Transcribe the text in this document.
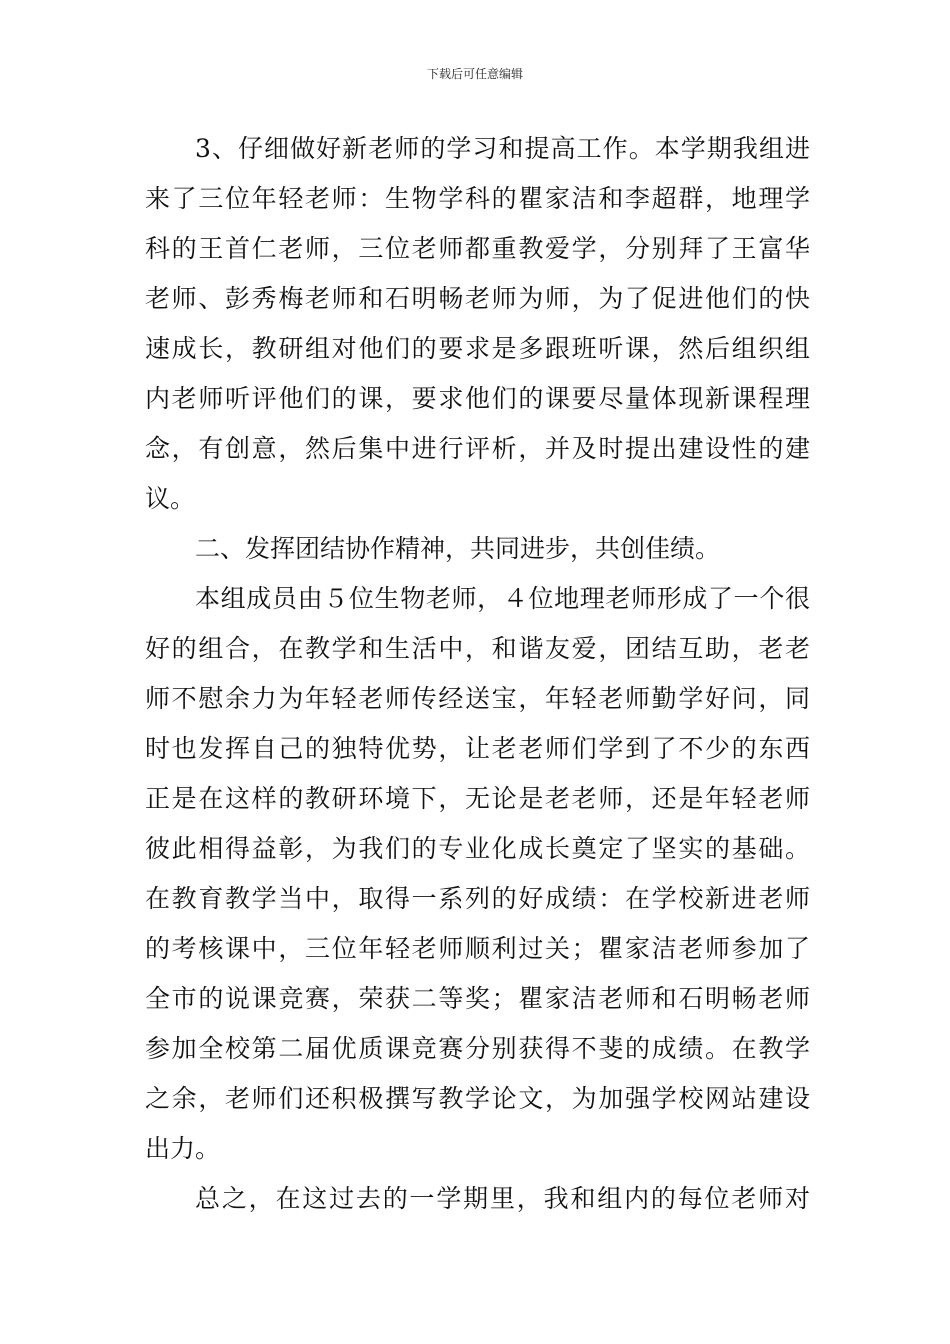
下载后可任意编辑
3、仔细做好新老师的学习和提高工作。本学期我组进
来了三位年轻老师：生物学科的瞿家洁和李超群，地理学
科的王首仁老师，三位老师都重教爱学，分别拜了王富华
老师、彭秀梅老师和石明畅老师为师，为了促进他们的快
速成长，教研组对他们的要求是多跟班听课，然后组织组
内老师听评他们的课，要求他们的课要尽量体现新课程理
念，有创意，然后集中进行评析，并及时提出建设性的建
议。
二、发挥团结协作精神，共同进步，共创佳绩。
本组成员由５位生物老师，４位地理老师形成了一个很
好的组合，在教学和生活中，和谐友爱，团结互助，老老
师不慰余力为年轻老师传经送宝，年轻老师勤学好问，同
时也发挥自己的独特优势，让老老师们学到了不少的东西
正是在这样的教研环境下，无论是老老师，还是年轻老师
彼此相得益彰，为我们的专业化成长奠定了坚实的基础。
在教育教学当中，取得一系列的好成绩：在学校新进老师
的考核课中，三位年轻老师顺利过关；瞿家洁老师参加了
全市的说课竞赛，荣获二等奖；瞿家洁老师和石明畅老师
参加全校第二届优质课竞赛分别获得不斐的成绩。在教学
之余，老师们还积极撰写教学论文，为加强学校网站建设
出力。
总之，在这过去的一学期里，我和组内的每位老师对
